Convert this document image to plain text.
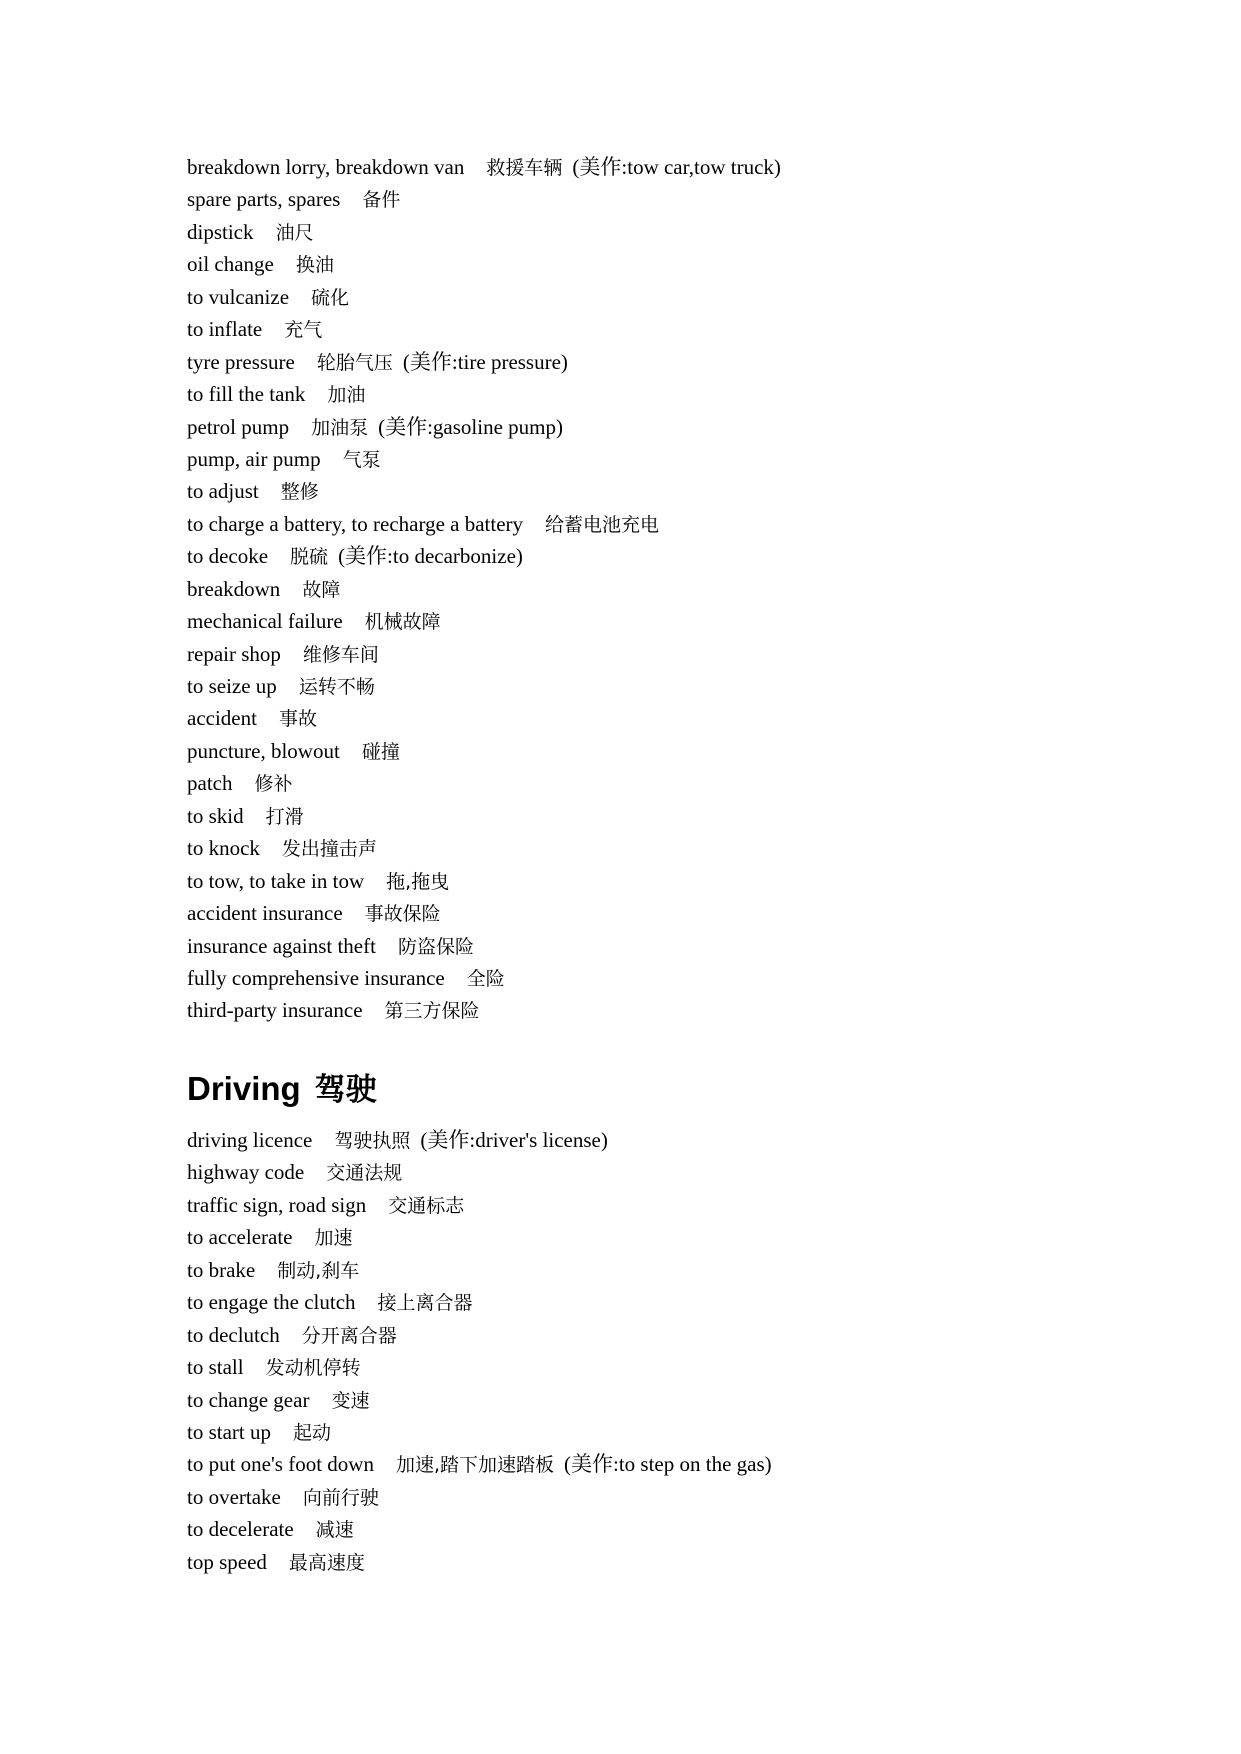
breakdown lorry, breakdown van 救援车辆 (美作:tow car,tow truck)
spare parts, spares 备件
dipstick 油尺
oil change 换油
to vulcanize 硫化
to inflate 充气
tyre pressure 轮胎气压 (美作:tire pressure)
to fill the tank 加油
petrol pump 加油泵 (美作:gasoline pump)
pump, air pump 气泵
to adjust 整修
to charge a battery, to recharge a battery 给蓄电池充电
to decoke 脱硫 (美作:to decarbonize)
breakdown 故障
mechanical failure 机械故障
repair shop 维修车间
to seize up 运转不畅
accident 事故
puncture, blowout 碰撞
patch 修补
to skid 打滑
to knock 发出撞击声
to tow, to take in tow 拖,拖曳
accident insurance 事故保险
insurance against theft 防盗保险
fully comprehensive insurance 全险
third-party insurance 第三方保险
Driving 驾驶
driving licence 驾驶执照 (美作:driver's license)
highway code 交通法规
traffic sign, road sign 交通标志
to accelerate 加速
to brake 制动,刹车
to engage the clutch 接上离合器
to declutch 分开离合器
to stall 发动机停转
to change gear 变速
to start up 起动
to put one's foot down 加速,踏下加速踏板 (美作:to step on the gas)
to overtake 向前行驶
to decelerate 减速
top speed 最高速度
